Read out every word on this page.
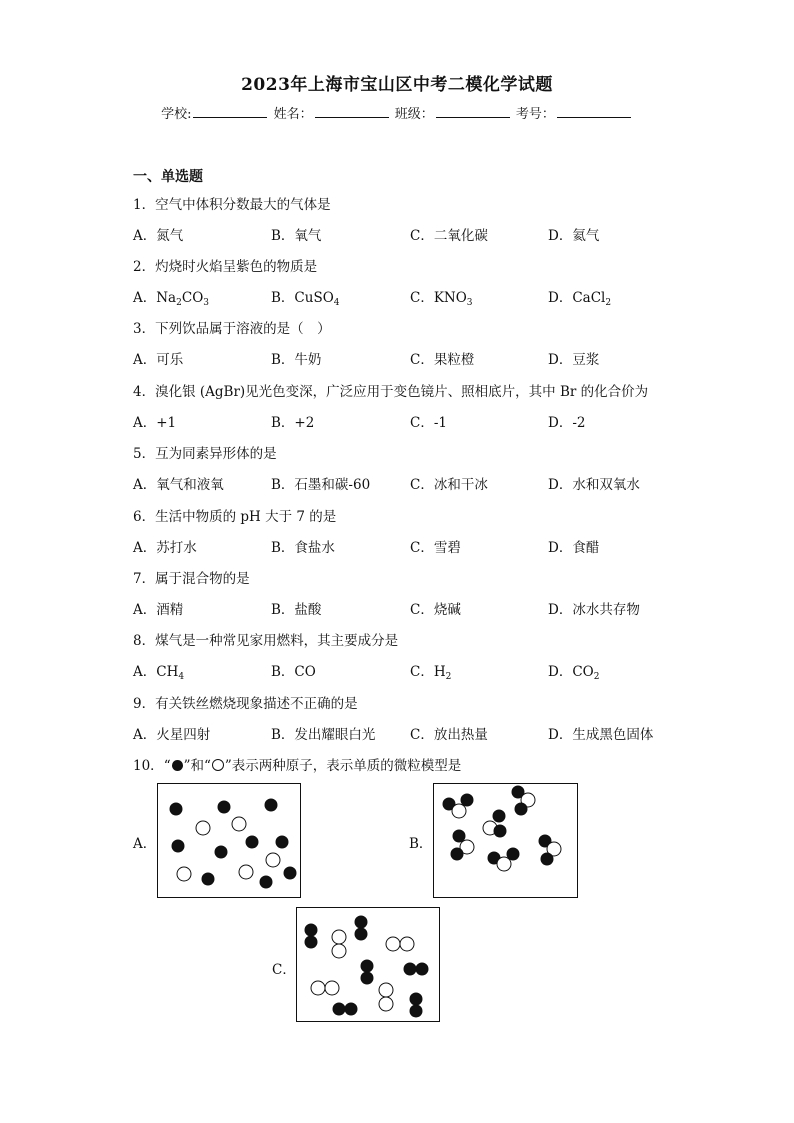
2023年上海市宝山区中考二模化学试题
学校:	姓名：	班级：	考号：
一、单选题
1．空气中体积分数最大的气体是
A．氮气	B．氧气	C．二氧化碳	D．氦气
2．灼烧时火焰呈紫色的物质是
A．$Na_2CO_3$	B．CuSO$_4$	C．$KNO_3$	D．CaCl$_2$
3．下列饮品属于溶液的是（　）
A．可乐	B．牛奶	C．果粒橙	D．豆浆
4．溴化银 (AgBr)见光色变深，广泛应用于变色镜片、照相底片，其中 Br 的化合价为
A．+1	B．+2	C．-1	D．-2
5．互为同素异形体的是
A．氧气和液氧	B．石墨和碳-60	C．冰和干冰	D．水和双氧水
6．生活中物质的 pH 大于 7 的是
A．苏打水	B．食盐水	C．雪碧	D．食醋
7．属于混合物的是
A．酒精	B．盐酸	C．烧碱	D．冰水共存物
8．煤气是一种常见家用燃料，其主要成分是
A．$CH_4$	B．CO	C．$H_2$	D．$CO_2$
9．有关铁丝燃烧现象描述不正确的是
A．火星四射	B．发出耀眼白光	C．放出热量	D．生成黑色固体
10．“ ”和“ ”表示两种原子，表示单质的微粒模型是
A．	B．
C．
